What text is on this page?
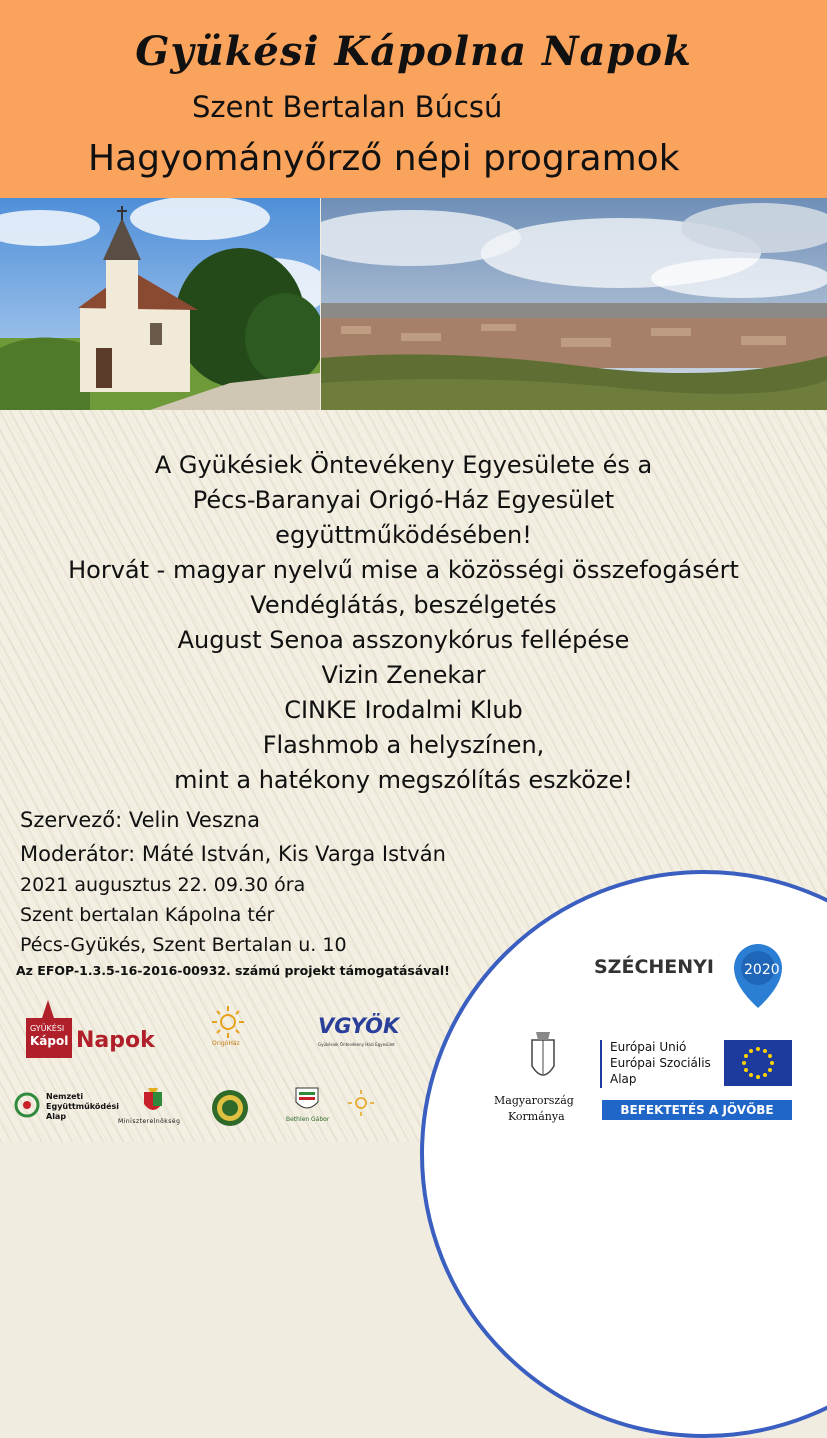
Gyükési Kápolna Napok
Szent Bertalan Búcsú
Hagyományőrző népi programok
A Gyükésiek Öntevékeny Egyesülete és a
Pécs-Baranyai Origó-Ház Egyesület
együttműködésében!
Horvát - magyar nyelvű mise a közösségi összefogásért
Vendéglátás, beszélgetés
August Senoa asszonykórus fellépése
Vizin Zenekar
CINKE Irodalmi Klub
Flashmob a helyszínen,
mint a hatékony megszólítás eszköze!
Szervező: Velin Veszna
Moderátor: Máté István, Kis Varga István
2021 augusztus 22. 09.30 óra
Szent bertalan Kápolna tér
Pécs-Gyükés, Szent Bertalan u. 10
Az EFOP-1.3.5-16-2016-00932. számú projekt támogatásával!
GYÜKÉSI
Kápol Napok	OrigóHáz
VGYÖK
Gyükésiek Öntevékeny Házi Egyesület
Nemzeti
Együttműködési
Alap
Miniszterelnökség	Bethlen Gábor
SZÉCHENYI 2020
Magyarország
Kormánya
Európai Unió
Európai Szociális
Alap
BEFEKTETÉS A JÖVŐBE
